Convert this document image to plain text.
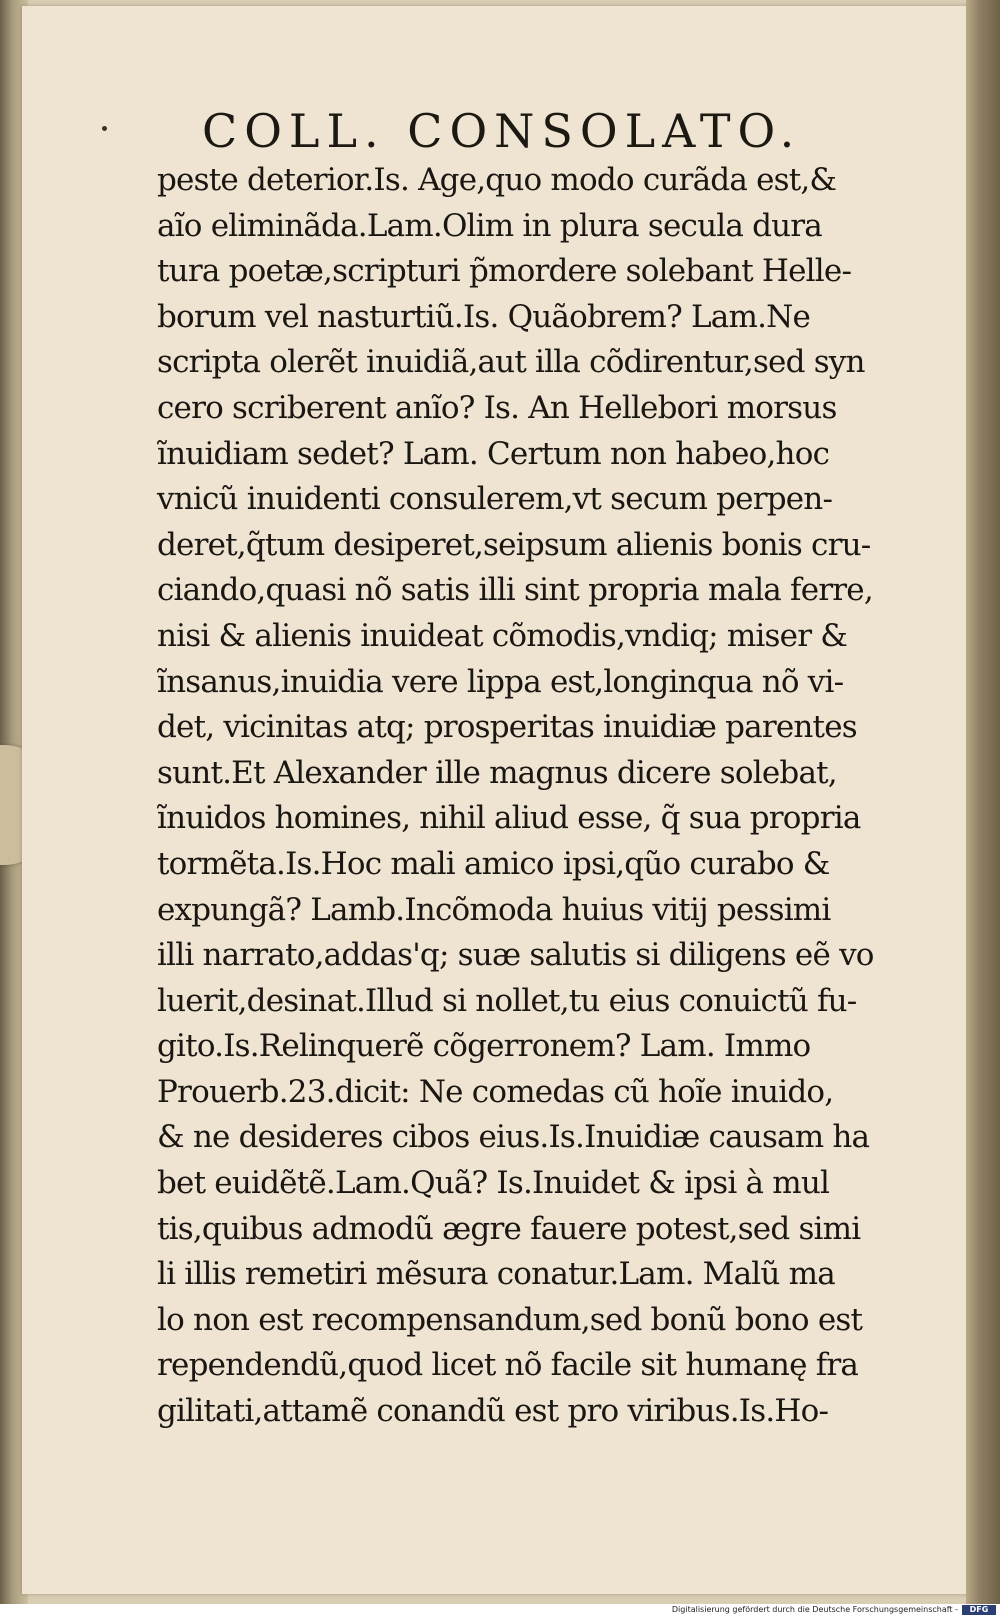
COLL. CONSOLATO.
peste deterior.Is. Age,quo modo curãda est,&
aĩo eliminãda.Lam.Olim in plura secula dura
tura poetæ,scripturi p̃mordere solebant Helle-
borum vel nasturtiũ.Is. Quãobrem? Lam.Ne
scripta olerẽt inuidiã,aut illa cõdirentur,sed syn
cero scriberent anĩo? Is. An Hellebori morsus
ĩnuidiam sedet? Lam. Certum non habeo,hoc
vnicũ inuidenti consulerem,vt secum perpen-
deret,q̃tum desiperet,seipsum alienis bonis cru-
ciando,quasi nõ satis illi sint propria mala ferre,
nisi & alienis inuideat cõmodis,vndiq; miser &
ĩnsanus,inuidia vere lippa est,longinqua nõ vi-
det, vicinitas atq; prosperitas inuidiæ parentes
sunt.Et Alexander ille magnus dicere solebat,
ĩnuidos homines, nihil aliud esse, q̃ sua propria
tormẽta.Is.Hoc mali amico ipsi,qũo curabo &
expungã? Lamb.Incõmoda huius vitij pessimi
illi narrato,addas'q; suæ salutis si diligens eẽ vo
luerit,desinat.Illud si nollet,tu eius conuictũ fu-
gito.Is.Relinquerẽ cõgerronem? Lam. Immo
Prouerb.23.dicit: Ne comedas cũ hoĩe inuido,
& ne desideres cibos eius.Is.Inuidiæ causam ha
bet euidẽtẽ.Lam.Quã? Is.Inuidet & ipsi à mul
tis,quibus admodũ ægre fauere potest,sed simi
li illis remetiri mẽsura conatur.Lam. Malũ ma
lo non est recompensandum,sed bonũ bono est
rependendũ,quod licet nõ facile sit humanę fra
gilitati,attamẽ conandũ est pro viribus.Is.Ho-
Digitalisierung gefördert durch die Deutsche Forschungsgemeinschaft -	DFG
